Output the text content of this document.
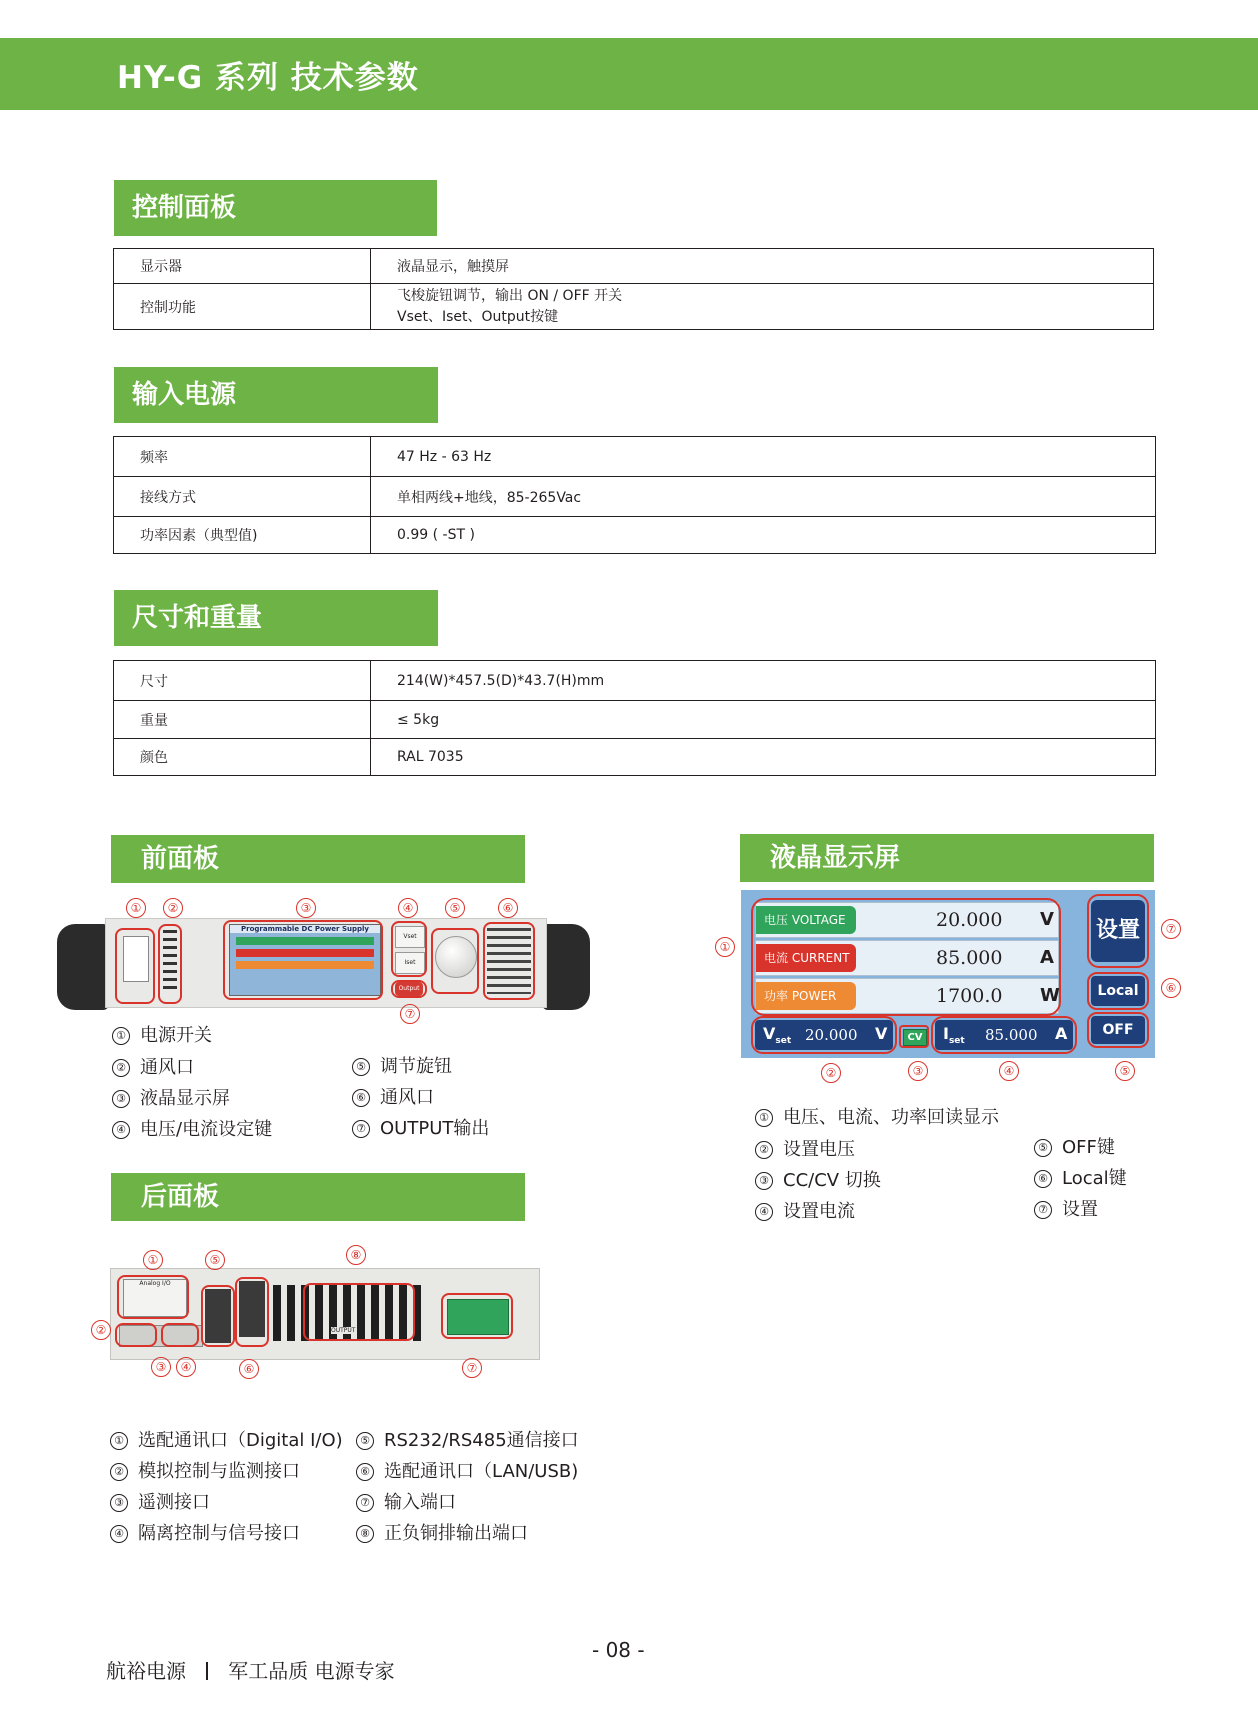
HY-G 系列 技术参数
控制面板
显示器	液晶显示，触摸屏
控制功能	飞梭旋钮调节，输出 ON / OFF 开关
Vset、Iset、Output按键
输入电源
频率	47 Hz - 63 Hz
接线方式	单相两线+地线，85-265Vac
功率因素（典型值)	0.99 ( -ST )
尺寸和重量
尺寸	214(W)*457.5(D)*43.7(H)mm
重量	≤ 5kg
颜色	RAL 7035
前面板
Programmable DC Power Supply
Vset
Iset
Output
①	②	③	④	⑤	⑥
⑦
① 电源开关
② 通风口
③ 液晶显示屏
④ 电压/电流设定键
⑤ 调节旋钮
⑥ 通风口
⑦ OUTPUT输出
后面板
Analog I/O
OUTPUT
①
②
③	④
⑤
⑥	⑦
⑧
① 选配通讯口（Digital I/O)
② 模拟控制与监测接口
③ 遥测接口
④ 隔离控制与信号接口
⑤ RS232/RS485通信接口
⑥ 选配通讯口（LAN/USB)
⑦ 输入端口
⑧ 正负铜排输出端口
液晶显示屏
电压 VOLTAGE	20.000 V
电流 CURRENT	85.000 A
功率 POWER	1700.0 W
$V_{set}$ 20.000 V	CV $I_{set}$ 85.000 A
设置
Local
OFF
①
②	③	④	⑤
⑥
⑦
① 电压、电流、功率回读显示
② 设置电压
③ CC/CV 切换
④ 设置电流
⑤ OFF键
⑥ Local键
⑦ 设置
- 08 -
航裕电源 军工品质 电源专家
